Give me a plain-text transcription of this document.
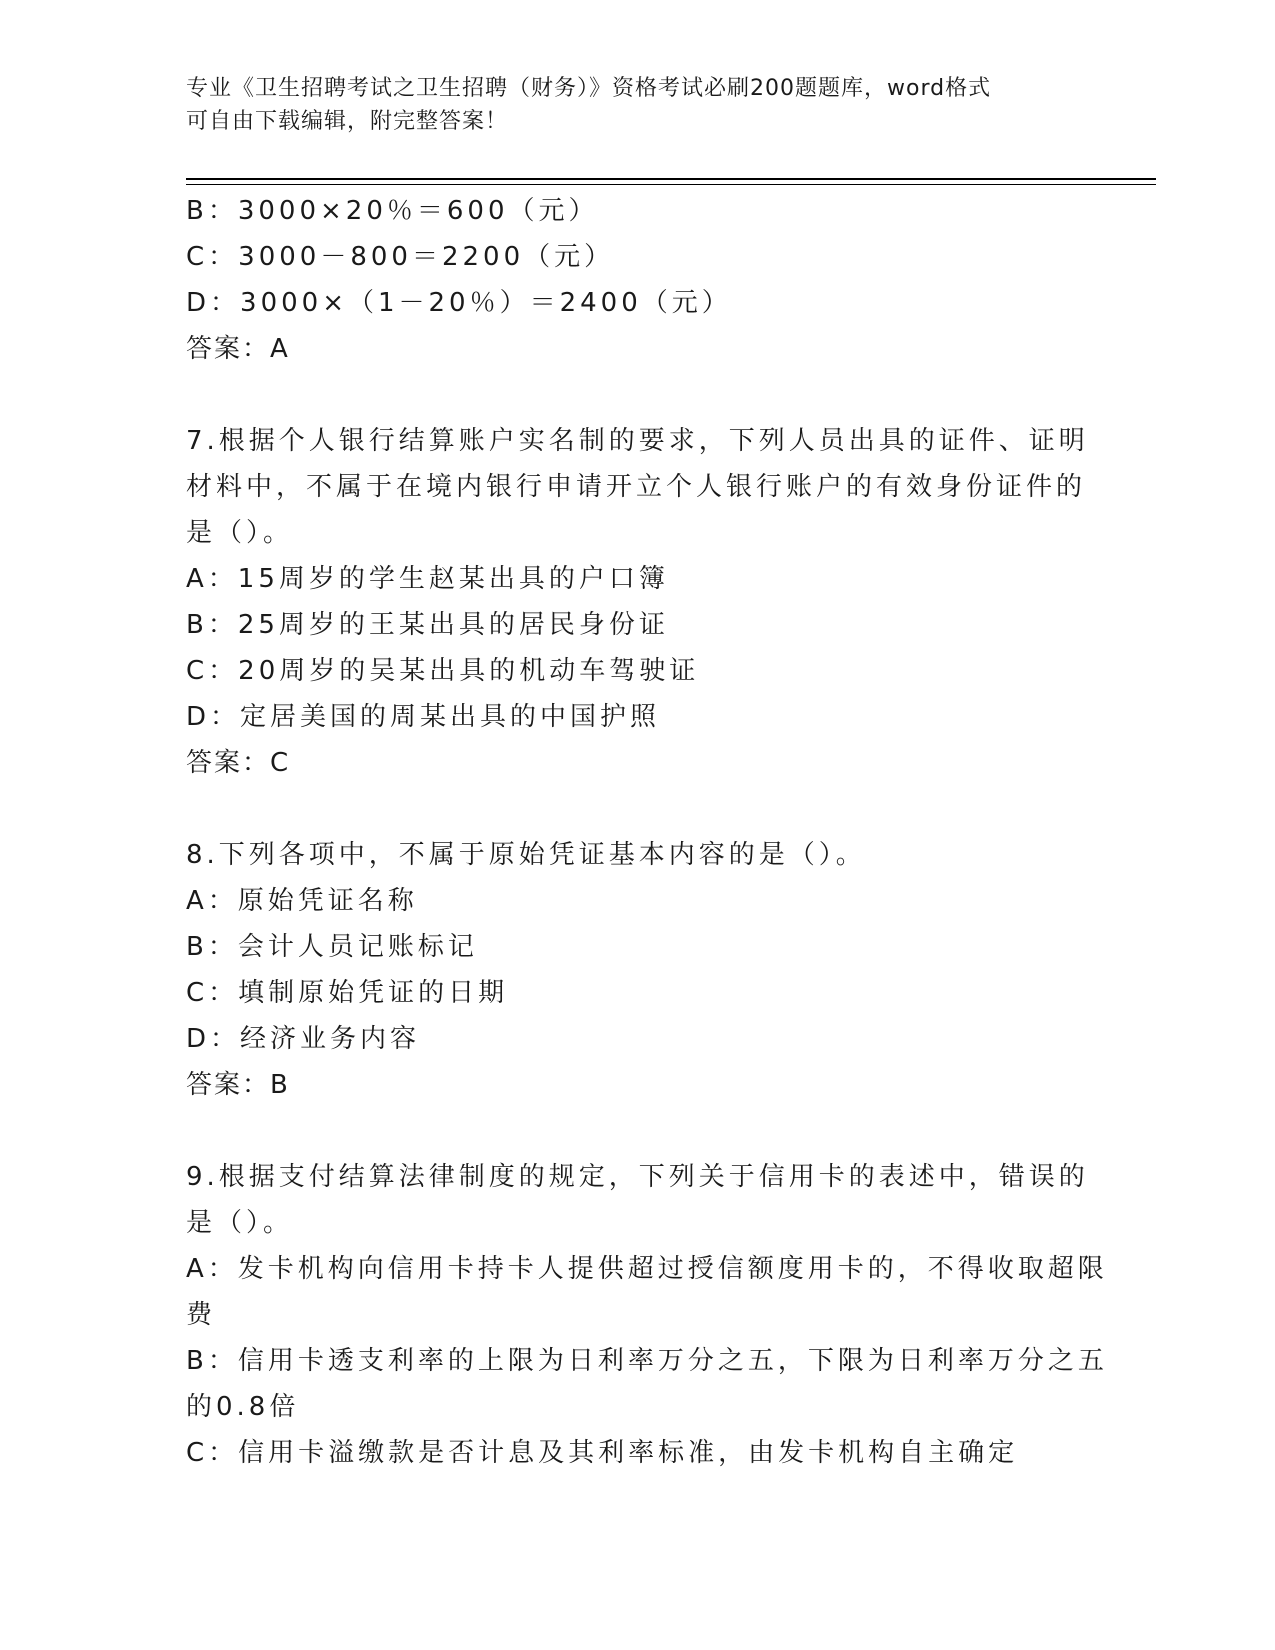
专业《卫生招聘考试之卫生招聘（财务）》资格考试必刷200题题库，word格式
可自由下载编辑，附完整答案！
B：3000×20％＝600（元）
C：3000－800＝2200（元）
D：3000×（1－20％）＝2400（元）
答案：A
7.根据个人银行结算账户实名制的要求，下列人员出具的证件、证明
材料中，不属于在境内银行申请开立个人银行账户的有效身份证件的
是（）。
A：15周岁的学生赵某出具的户口簿
B：25周岁的王某出具的居民身份证
C：20周岁的吴某出具的机动车驾驶证
D：定居美国的周某出具的中国护照
答案：C
8.下列各项中，不属于原始凭证基本内容的是（）。
A：原始凭证名称
B：会计人员记账标记
C：填制原始凭证的日期
D：经济业务内容
答案：B
9.根据支付结算法律制度的规定，下列关于信用卡的表述中，错误的
是（）。
A：发卡机构向信用卡持卡人提供超过授信额度用卡的，不得收取超限
费
B：信用卡透支利率的上限为日利率万分之五，下限为日利率万分之五
的0.8倍
C：信用卡溢缴款是否计息及其利率标准，由发卡机构自主确定
